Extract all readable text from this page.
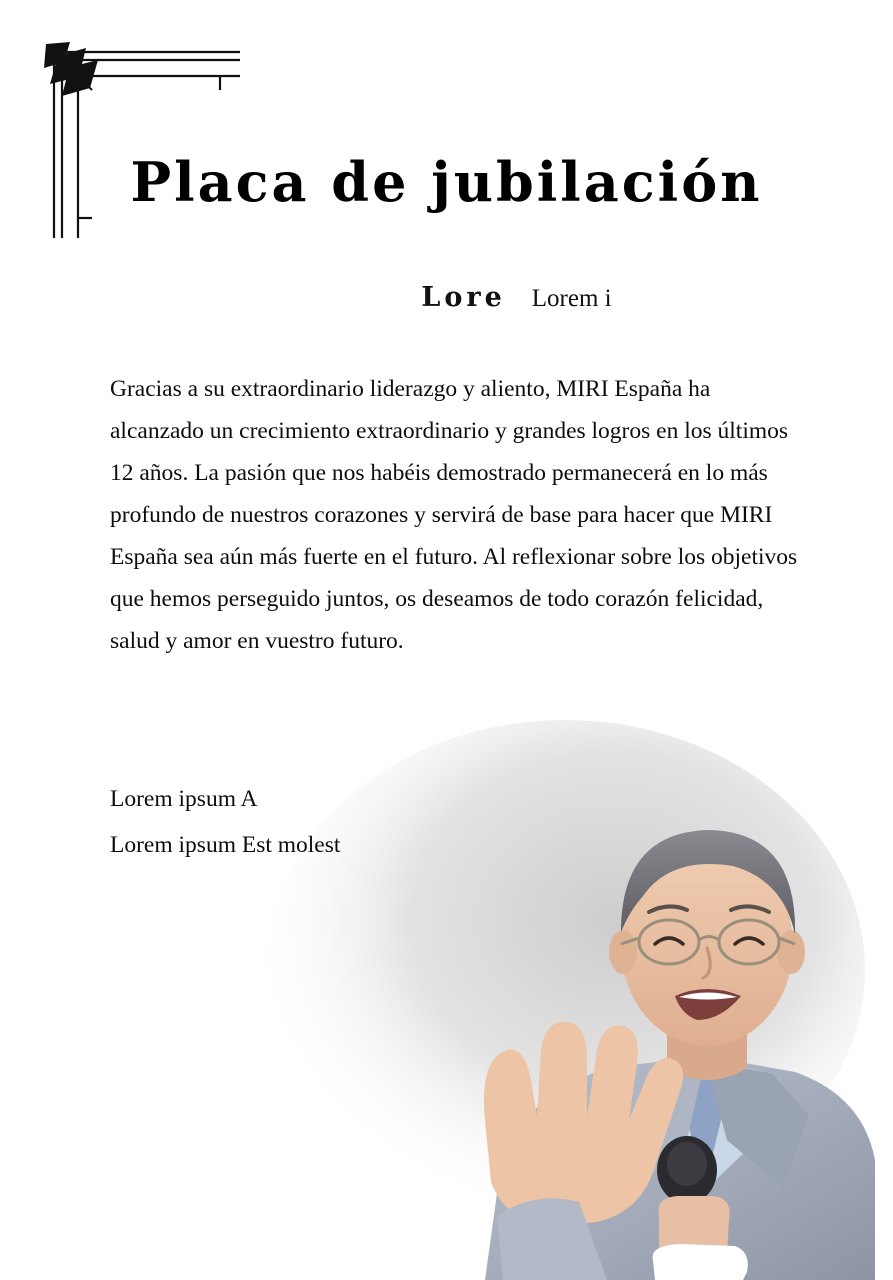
Placa de jubilación
Lore Lorem i
Gracias a su extraordinario liderazgo y aliento, MIRI España ha alcanzado un crecimiento extraordinario y grandes logros en los últimos 12 años. La pasión que nos habéis demostrado permanecerá en lo más profundo de nuestros corazones y servirá de base para hacer que MIRI España sea aún más fuerte en el futuro. Al reflexionar sobre los objetivos que hemos perseguido juntos, os deseamos de todo corazón felicidad, salud y amor en vuestro futuro.
Lorem ipsum A
Lorem ipsum Est molest
